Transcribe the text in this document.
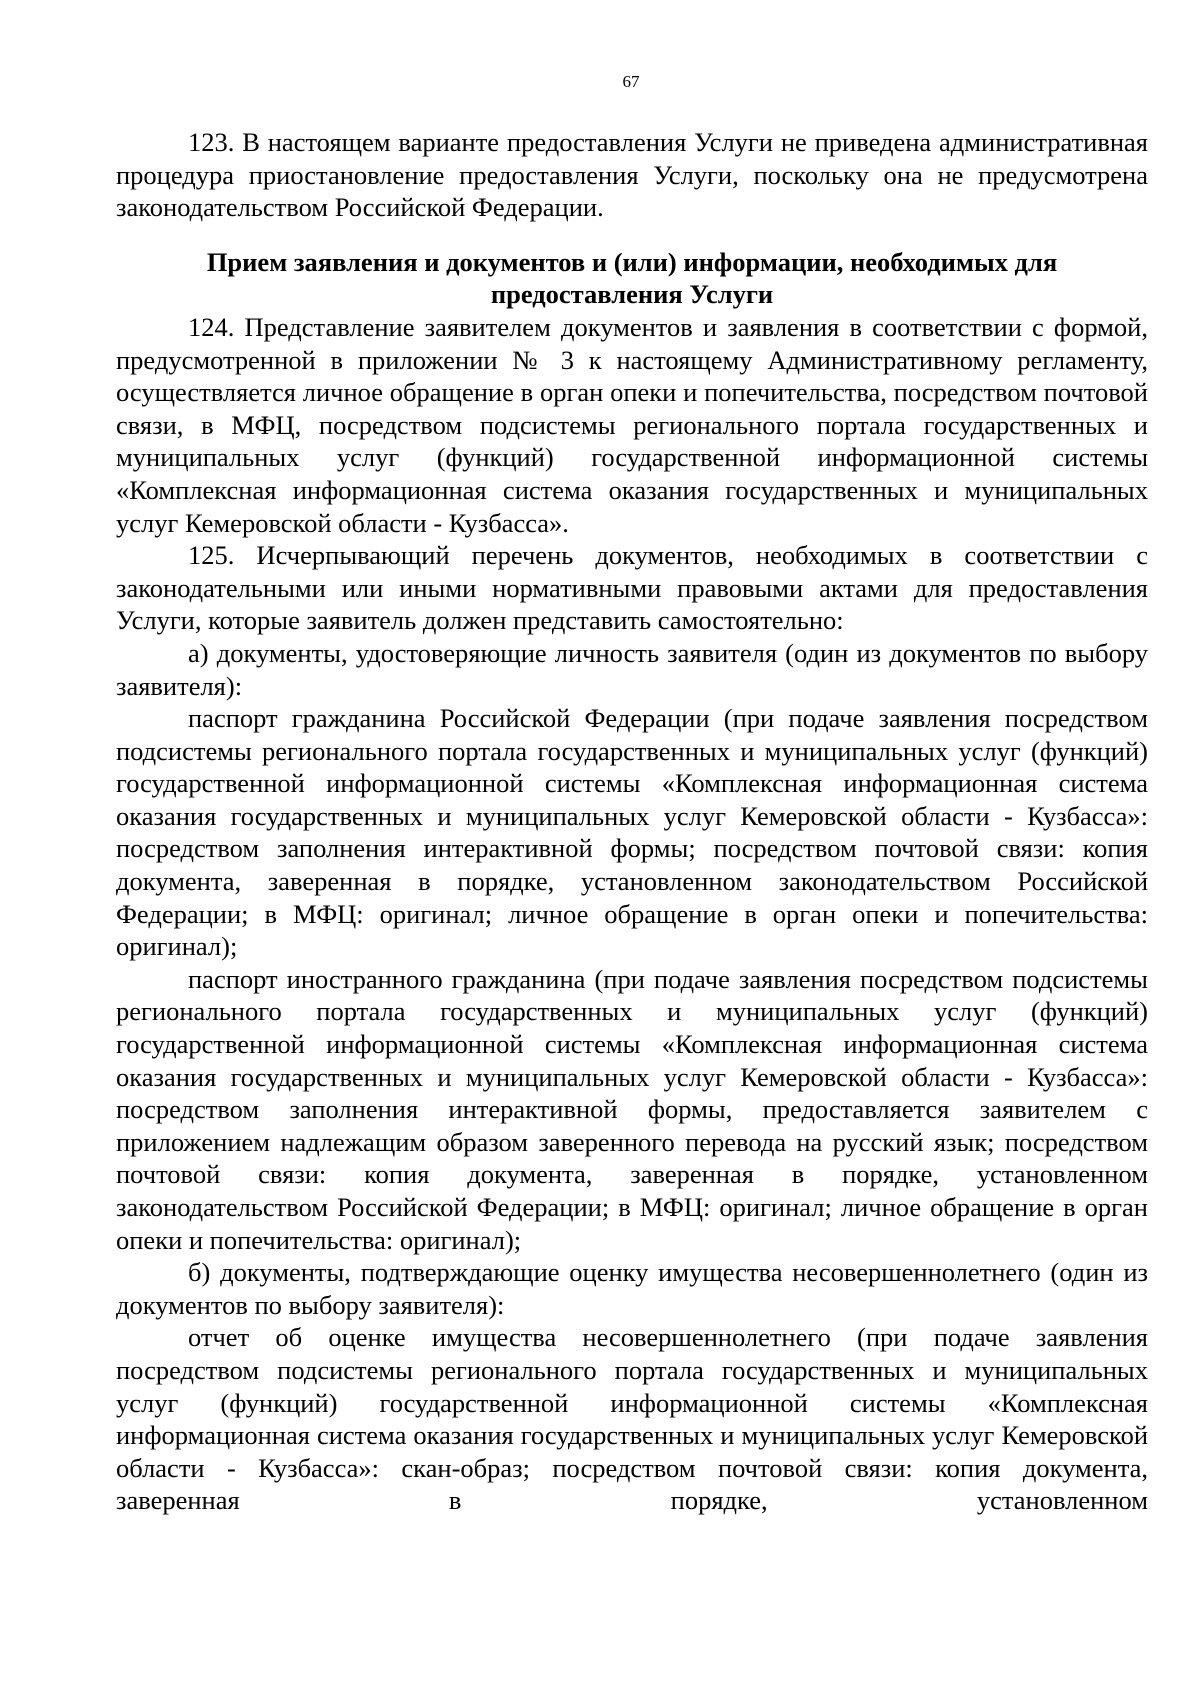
67

123. В настоящем варианте предоставления Услуги не приведена административная процедура приостановление предоставления Услуги, поскольку она не предусмотрена законодательством Российской Федерации.

Прием заявления и документов и (или) информации, необходимых для
предоставления Услуги

124. Представление заявителем документов и заявления в соответствии с формой, предусмотренной в приложении № 3 к настоящему Административному регламенту, осуществляется личное обращение в орган опеки и попечительства, посредством почтовой связи, в МФЦ, посредством подсистемы регионального портала государственных и муниципальных услуг (функций) государственной информационной системы «Комплексная информационная система оказания государственных и муниципальных услуг Кемеровской области - Кузбасса».

125. Исчерпывающий перечень документов, необходимых в соответствии с законодательными или иными нормативными правовыми актами для предоставления Услуги, которые заявитель должен представить самостоятельно:

а) документы, удостоверяющие личность заявителя (один из документов по выбору заявителя):

паспорт гражданина Российской Федерации (при подаче заявления посредством подсистемы регионального портала государственных и муниципальных услуг (функций) государственной информационной системы «Комплексная информационная система оказания государственных и муниципальных услуг Кемеровской области - Кузбасса»: посредством заполнения интерактивной формы; посредством почтовой связи: копия документа, заверенная в порядке, установленном законодательством Российской Федерации; в МФЦ: оригинал; личное обращение в орган опеки и попечительства: оригинал);

паспорт иностранного гражданина (при подаче заявления посредством подсистемы регионального портала государственных и муниципальных услуг (функций) государственной информационной системы «Комплексная информационная система оказания государственных и муниципальных услуг Кемеровской области - Кузбасса»: посредством заполнения интерактивной формы, предоставляется заявителем с приложением надлежащим образом заверенного перевода на русский язык; посредством почтовой связи: копия документа, заверенная в порядке, установленном законодательством Российской Федерации; в МФЦ: оригинал; личное обращение в орган опеки и попечительства: оригинал);

б) документы, подтверждающие оценку имущества несовершеннолетнего (один из документов по выбору заявителя):

отчет об оценке имущества несовершеннолетнего (при подаче заявления посредством подсистемы регионального портала государственных и муниципальных услуг (функций) государственной информационной системы «Комплексная информационная система оказания государственных и муниципальных услуг Кемеровской области - Кузбасса»: скан-образ; посредством почтовой связи: копия документа, заверенная в порядке, установленном
